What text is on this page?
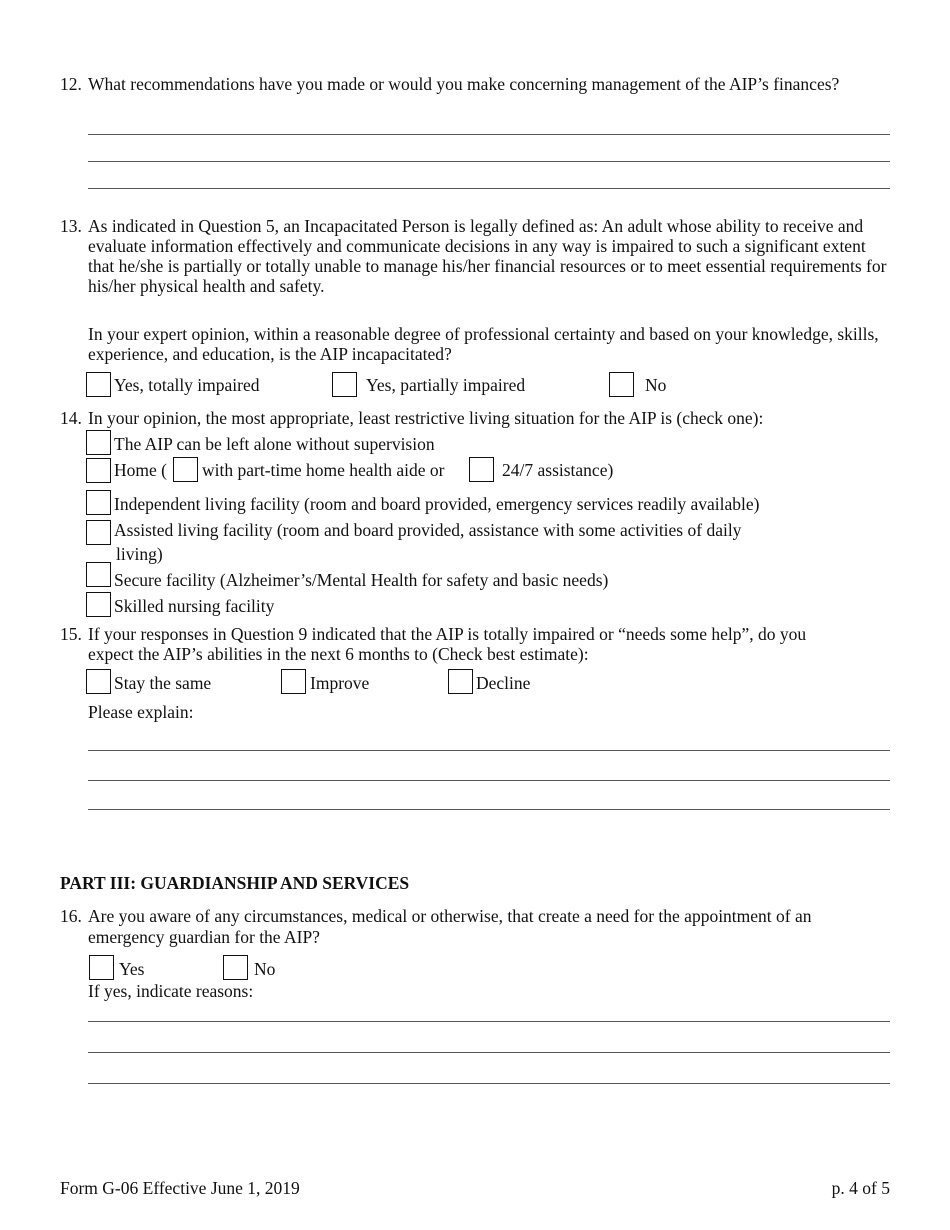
12. What recommendations have you made or would you make concerning management of the AIP’s finances?
13. As indicated in Question 5, an Incapacitated Person is legally defined as: An adult whose ability to receive and evaluate information effectively and communicate decisions in any way is impaired to such a significant extent that he/she is partially or totally unable to manage his/her financial resources or to meet essential requirements for his/her physical health and safety.
In your expert opinion, within a reasonable degree of professional certainty and based on your knowledge, skills, experience, and education, is the AIP incapacitated?
Yes, totally impaired	Yes, partially impaired	No
14. In your opinion, the most appropriate, least restrictive living situation for the AIP is (check one):
The AIP can be left alone without supervision
Home ( with part-time home health aide or	24/7 assistance)
Independent living facility (room and board provided, emergency services readily available)
Assisted living facility (room and board provided, assistance with some activities of daily
living)
Secure facility (Alzheimer’s/Mental Health for safety and basic needs)
Skilled nursing facility
15. If your responses in Question 9 indicated that the AIP is totally impaired or “needs some help”, do you
expect the AIP’s abilities in the next 6 months to (Check best estimate):
Stay the same	Improve	Decline
Please explain:
PART III: GUARDIANSHIP AND SERVICES
16. Are you aware of any circumstances, medical or otherwise, that create a need for the appointment of an
emergency guardian for the AIP?
Yes	No
If yes, indicate reasons:
Form G-06 Effective June 1, 2019	p. 4 of 5
